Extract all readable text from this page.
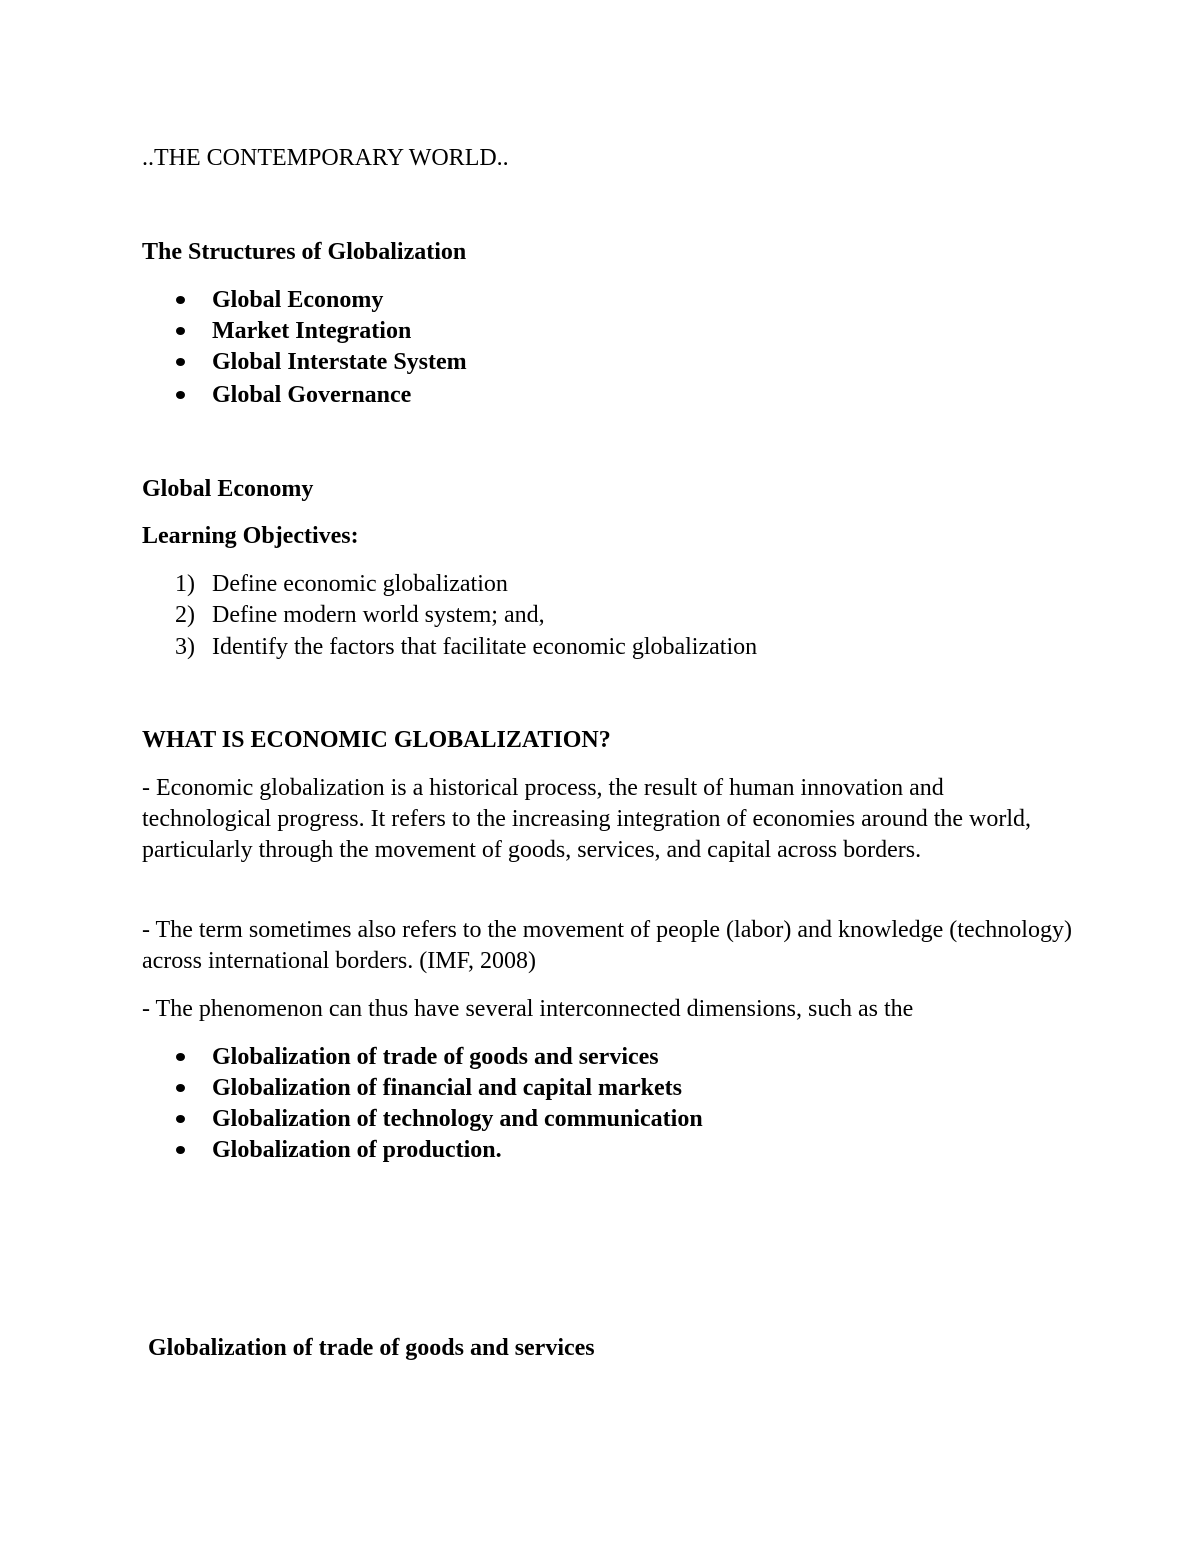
..THE CONTEMPORARY WORLD..

The Structures of Globalization

Global Economy
Market Integration
Global Interstate System
Global Governance

Global Economy

Learning Objectives:

1) Define economic globalization
2) Define modern world system; and,
3) Identify the factors that facilitate economic globalization

WHAT IS ECONOMIC GLOBALIZATION?

- Economic globalization is a historical process, the result of human innovation and technological progress. It refers to the increasing integration of economies around the world, particularly through the movement of goods, services, and capital across borders.

- The term sometimes also refers to the movement of people (labor) and knowledge (technology) across international borders. (IMF, 2008)

- The phenomenon can thus have several interconnected dimensions, such as the

Globalization of trade of goods and services
Globalization of financial and capital markets
Globalization of technology and communication
Globalization of production.

Globalization of trade of goods and services
